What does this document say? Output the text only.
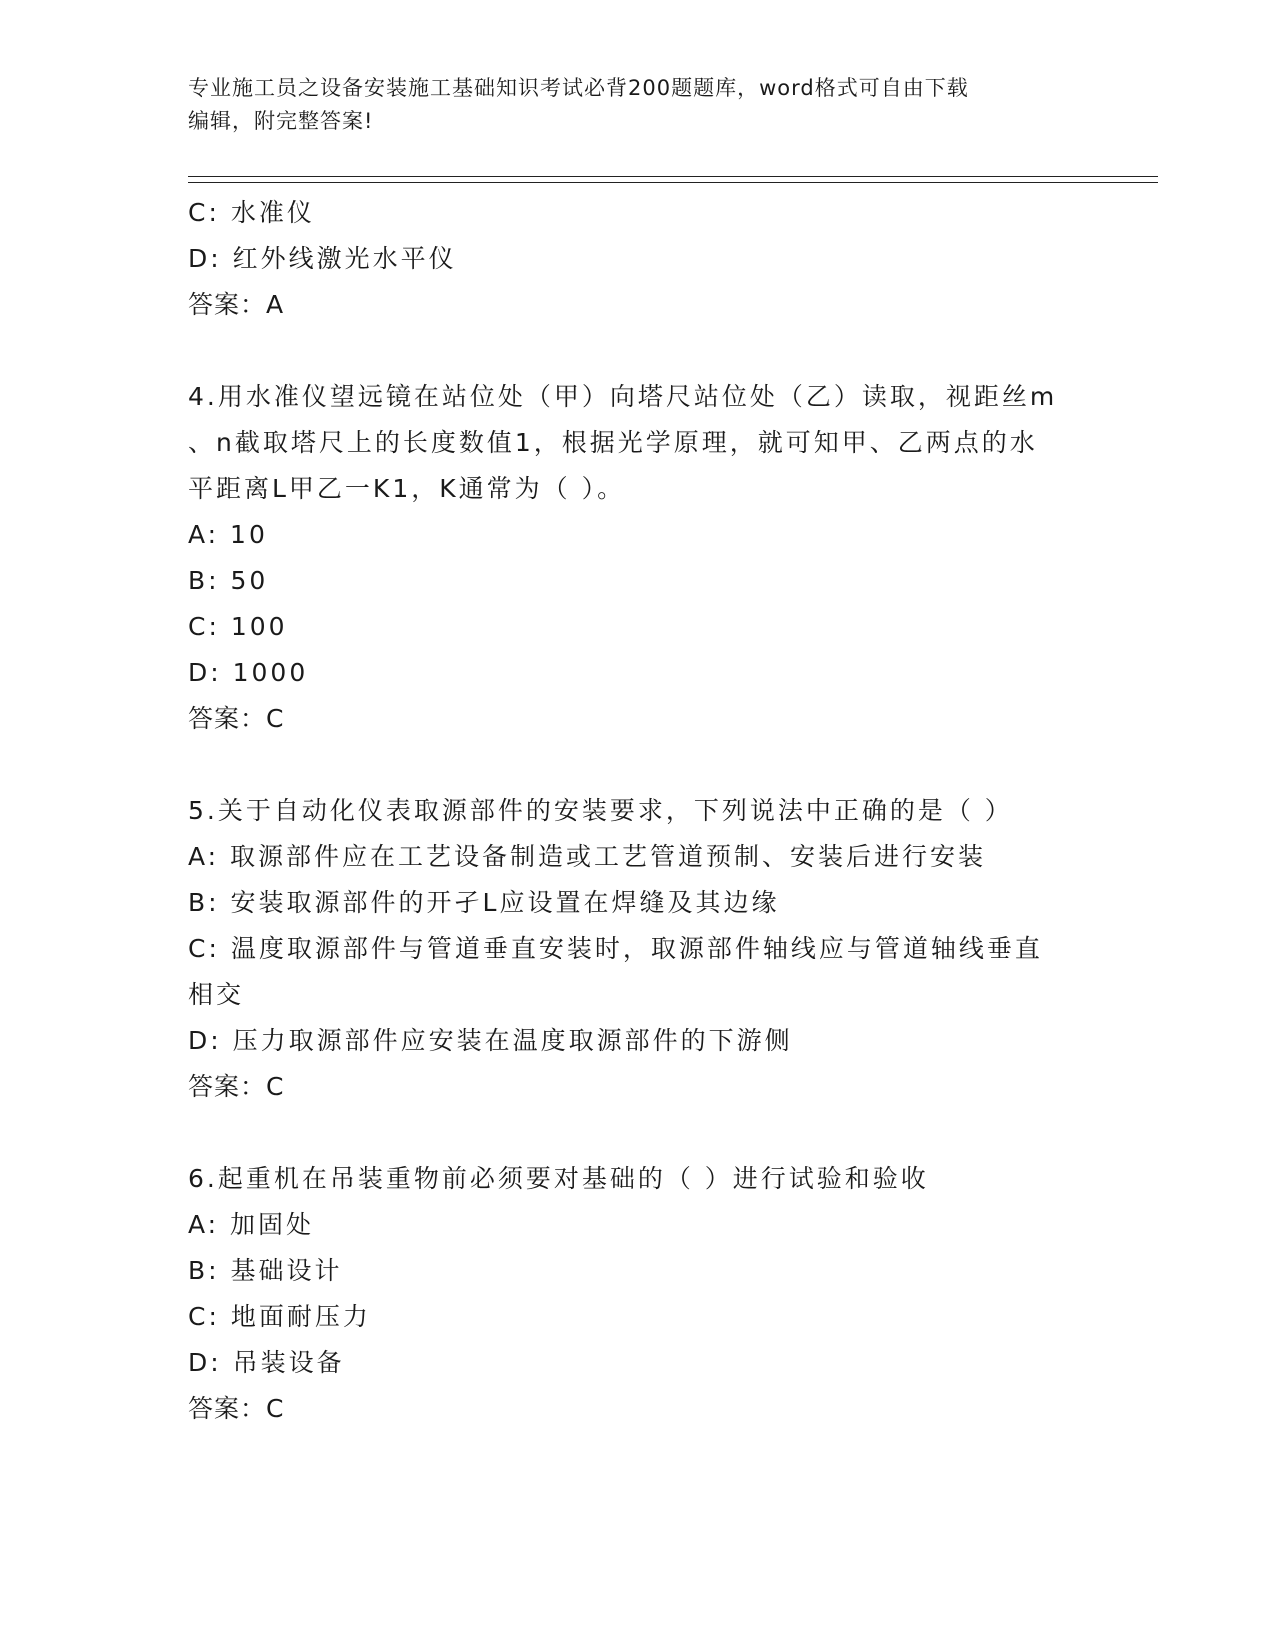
专业施工员之设备安装施工基础知识考试必背200题题库，word格式可自由下载
编辑，附完整答案!
C: 水准仪
D: 红外线激光水平仪
答案：A
4.用水准仪望远镜在站位处（甲）向塔尺站位处（乙）读取，视距丝m
、n截取塔尺上的长度数值1，根据光学原理，就可知甲、乙两点的水
平距离L甲乙一K1，K通常为（ ）。
A: 10
B: 50
C: 100
D: 1000
答案：C
5.关于自动化仪表取源部件的安装要求，下列说法中正确的是（ ）
A: 取源部件应在工艺设备制造或工艺管道预制、安装后进行安装
B: 安装取源部件的开孑L应设置在焊缝及其边缘
C: 温度取源部件与管道垂直安装时，取源部件轴线应与管道轴线垂直
相交
D: 压力取源部件应安装在温度取源部件的下游侧
答案：C
6.起重机在吊装重物前必须要对基础的（ ）进行试验和验收
A: 加固处
B: 基础设计
C: 地面耐压力
D: 吊装设备
答案：C
